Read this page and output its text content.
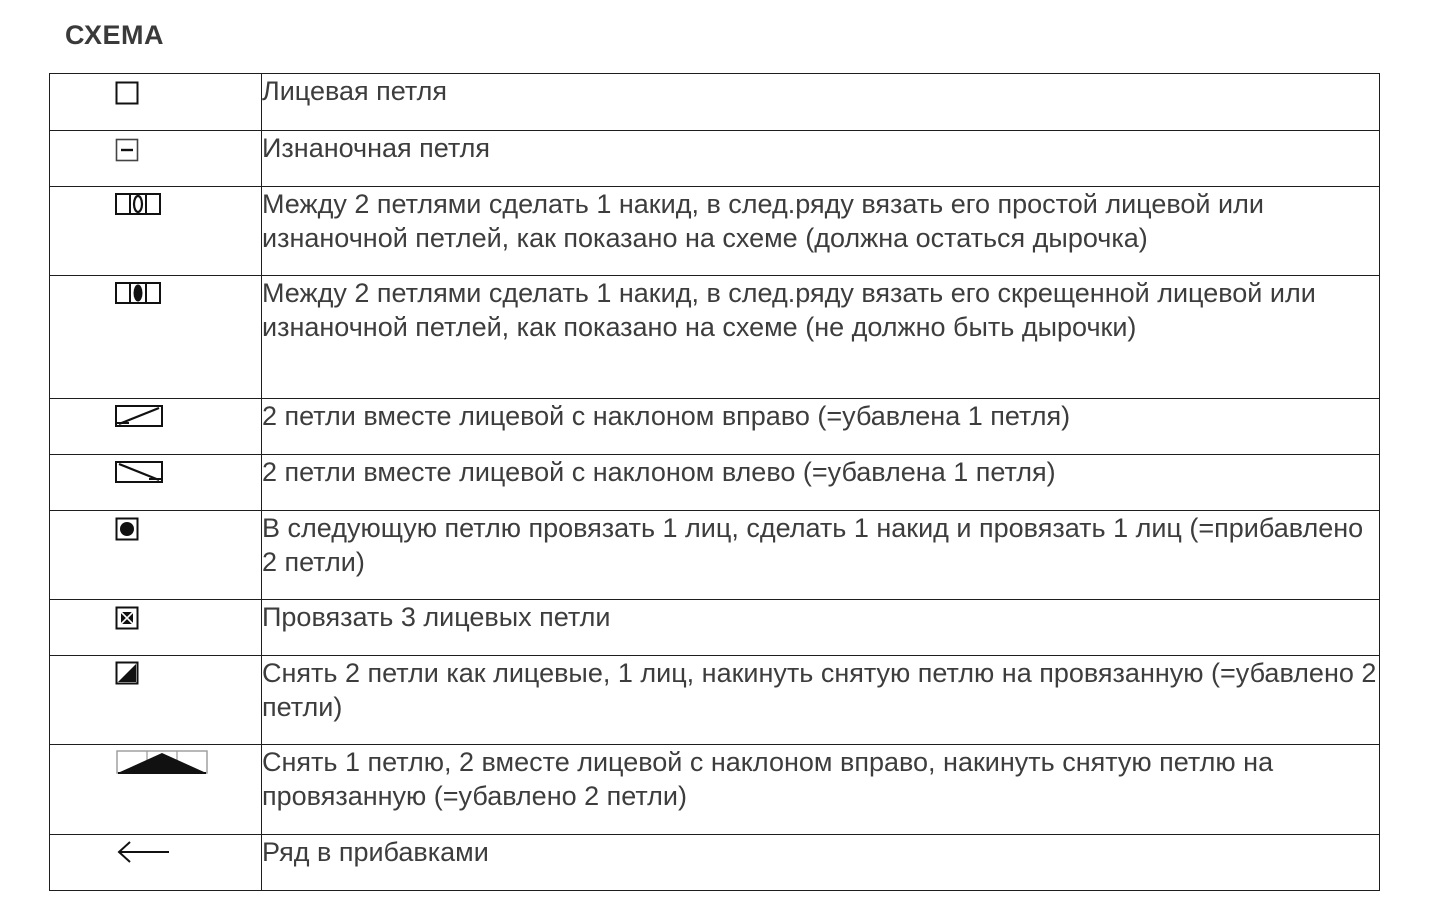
СХЕМА
	Лицевая петля

	Изнаночная петля

	Между 2 петлями сделать 1 накид, в след.ряду вязать его простой лицевой или изнаночной петлей, как показано на схеме (должна остаться дырочка)

	Между 2 петлями сделать 1 накид, в след.ряду вязать его скрещенной лицевой или изнаночной петлей, как показано на схеме (не должно быть дырочки)

	2 петли вместе лицевой с наклоном вправо (=убавлена 1 петля)

	2 петли вместе лицевой с наклоном влево (=убавлена 1 петля)

	В следующую петлю провязать 1 лиц, сделать 1 накид и провязать 1 лиц (=прибавлено 2 петли)

	Провязать 3 лицевых петли

	Снять 2 петли как лицевые, 1 лиц, накинуть снятую петлю на провязанную (=убавлено 2 петли)

	Снять 1 петлю, 2 вместе лицевой с наклоном вправо, накинуть снятую петлю на провязанную (=убавлено 2 петли)

	Ряд в прибавками
